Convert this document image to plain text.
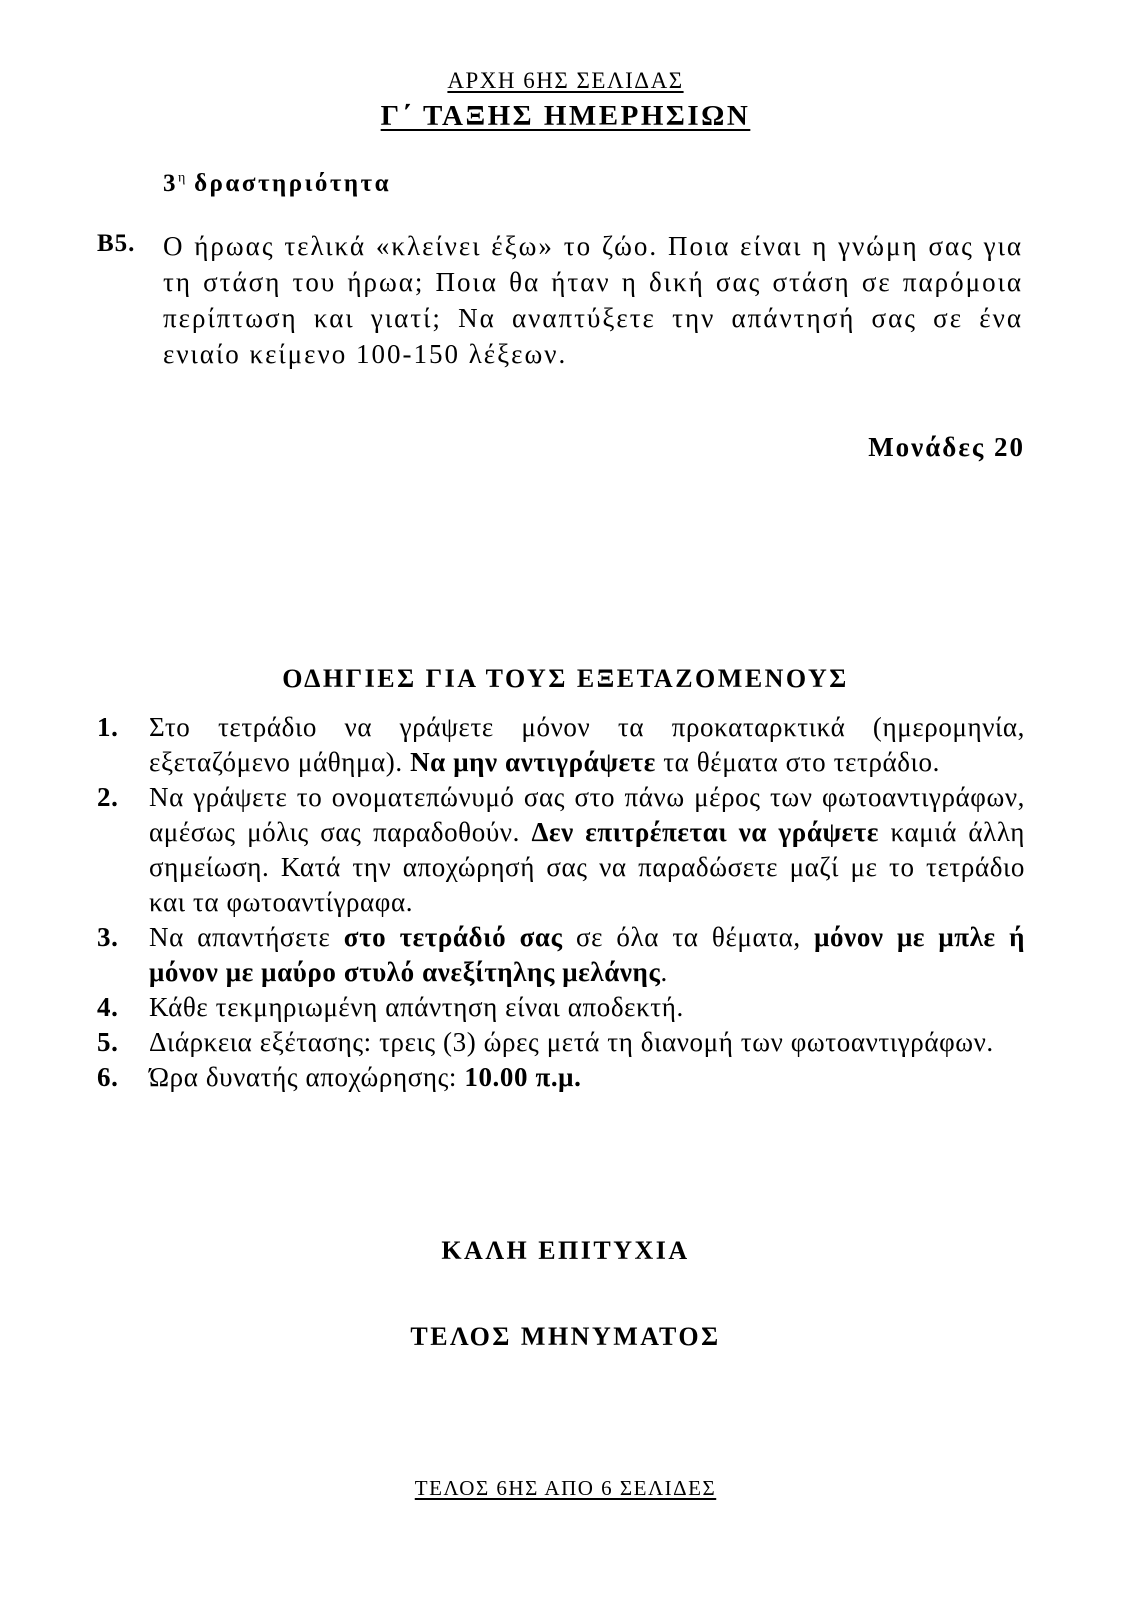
ΑΡΧΗ 6ΗΣ ΣΕΛΙΔΑΣ
Γ΄ ΤΑΞΗΣ ΗΜΕΡΗΣΙΩΝ
$3^\eta$ δραστηριότητα
Β5. Ο ήρωας τελικά «κλείνει έξω» το ζώο. Ποια είναι η γνώμη σας για τη στάση του ήρωα; Ποια θα ήταν η δική σας στάση σε παρόμοια περίπτωση και γιατί; Να αναπτύξετε την απάντησή σας σε ένα ενιαίο κείμενο 100-150 λέξεων.
Μονάδες 20
ΟΔΗΓΙΕΣ ΓΙΑ ΤΟΥΣ ΕΞΕΤΑΖΟΜΕΝΟΥΣ
1. Στο τετράδιο να γράψετε μόνον τα προκαταρκτικά (ημερομηνία, εξεταζόμενο μάθημα). Να μην αντιγράψετε τα θέματα στο τετράδιο.
2. Να γράψετε το ονοματεπώνυμό σας στο πάνω μέρος των φωτοαντιγράφων, αμέσως μόλις σας παραδοθούν. Δεν επιτρέπεται να γράψετε καμιά άλλη σημείωση. Κατά την αποχώρησή σας να παραδώσετε μαζί με το τετράδιο και τα φωτοαντίγραφα.
3. Να απαντήσετε στο τετράδιό σας σε όλα τα θέματα, μόνον με μπλε ή μόνον με μαύρο στυλό ανεξίτηλης μελάνης.
4. Κάθε τεκμηριωμένη απάντηση είναι αποδεκτή.
5. Διάρκεια εξέτασης: τρεις (3) ώρες μετά τη διανομή των φωτοαντιγράφων.
6. Ώρα δυνατής αποχώρησης: 10.00 π.μ.
ΚΑΛΗ ΕΠΙΤΥΧΙΑ
ΤΕΛΟΣ ΜΗΝΥΜΑΤΟΣ
ΤΕΛΟΣ 6ΗΣ ΑΠΟ 6 ΣΕΛΙΔΕΣ
